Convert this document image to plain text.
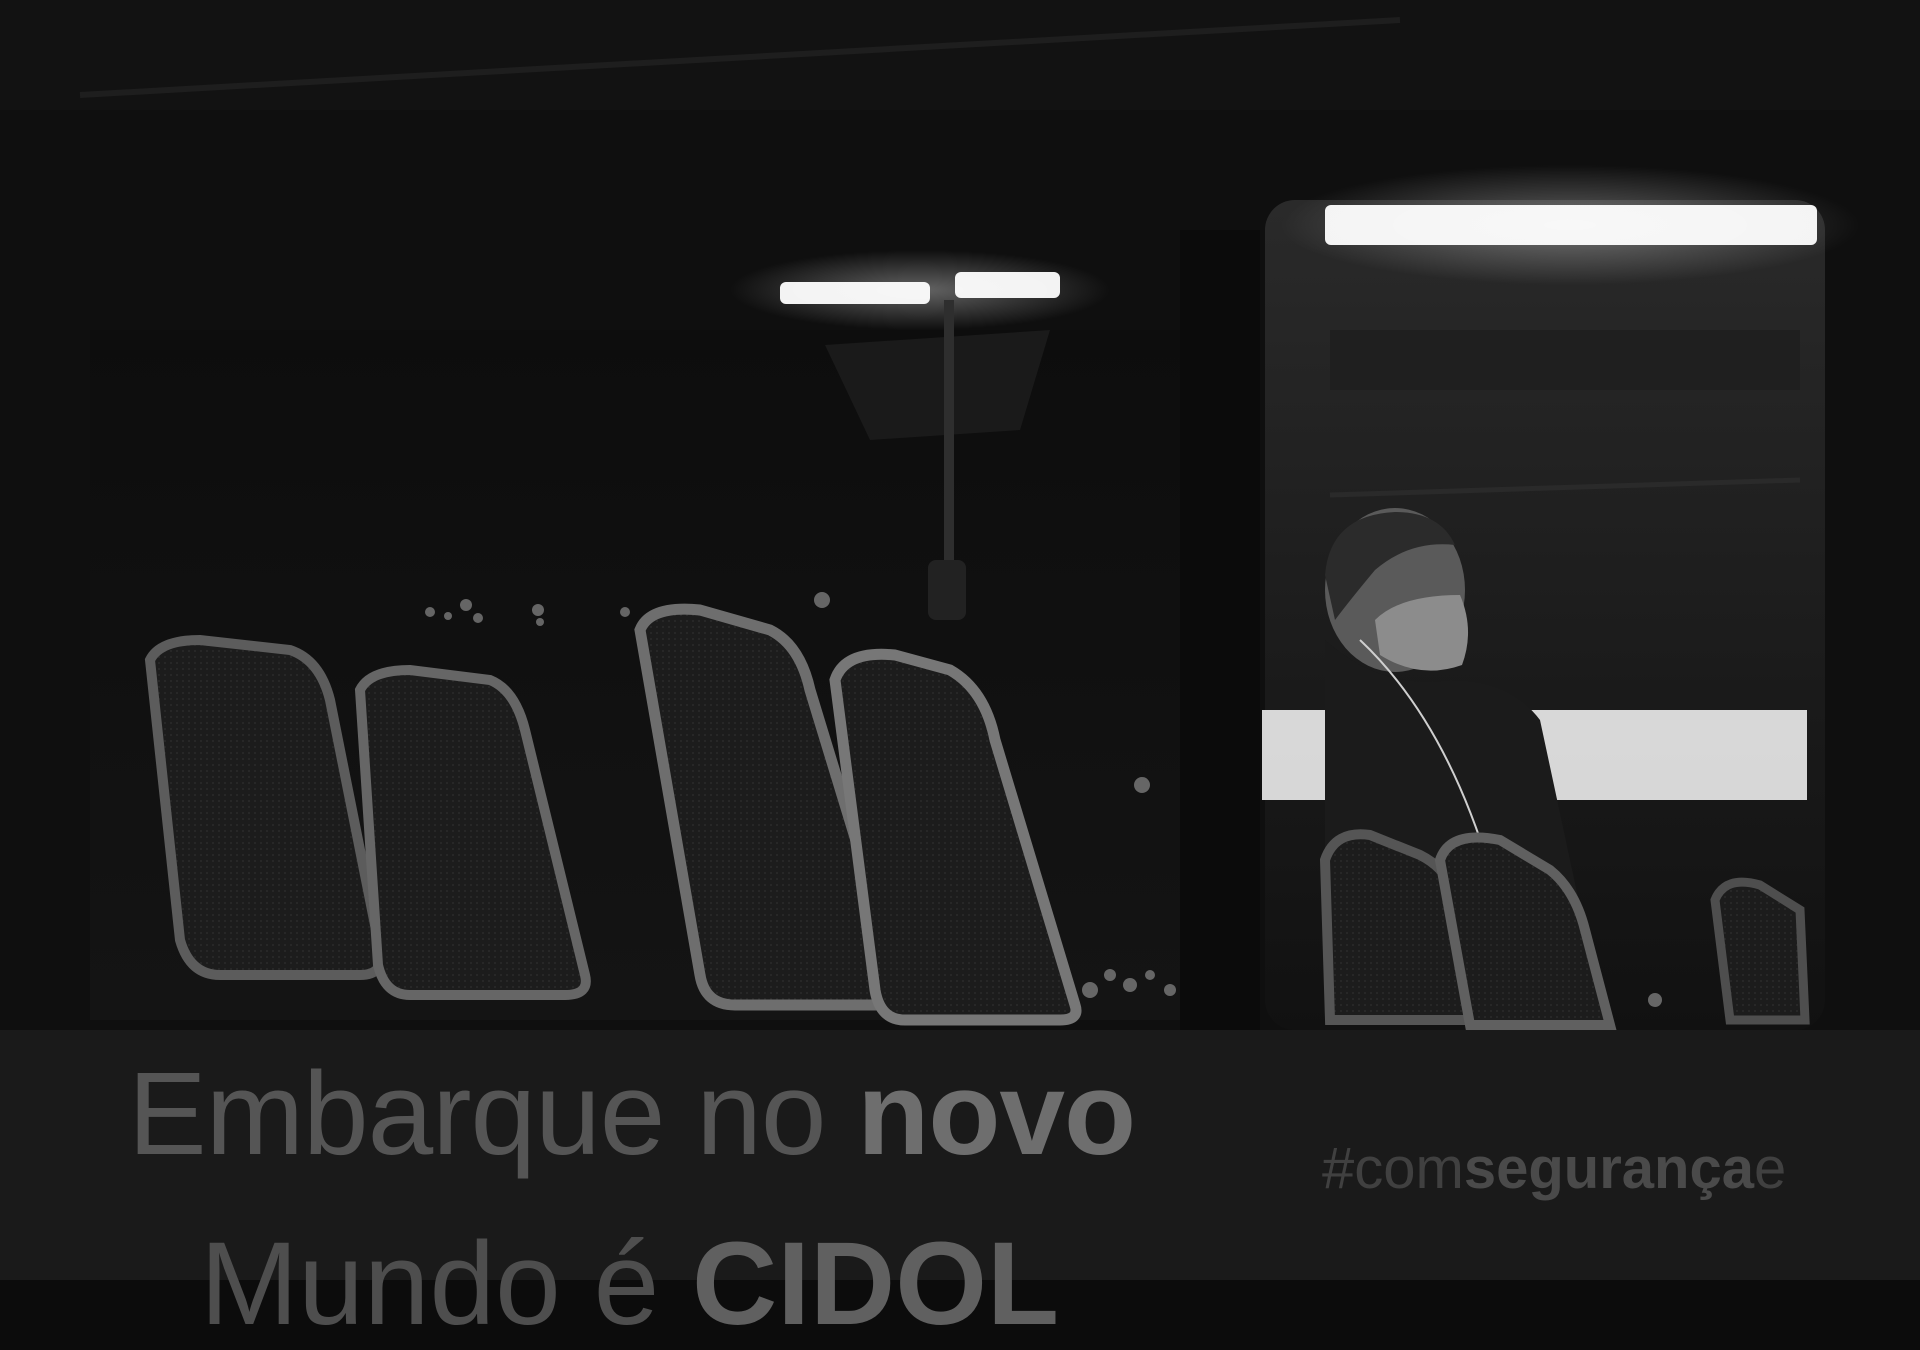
Embarque no novo
Mundo é CIDOL
#comsegurançae
